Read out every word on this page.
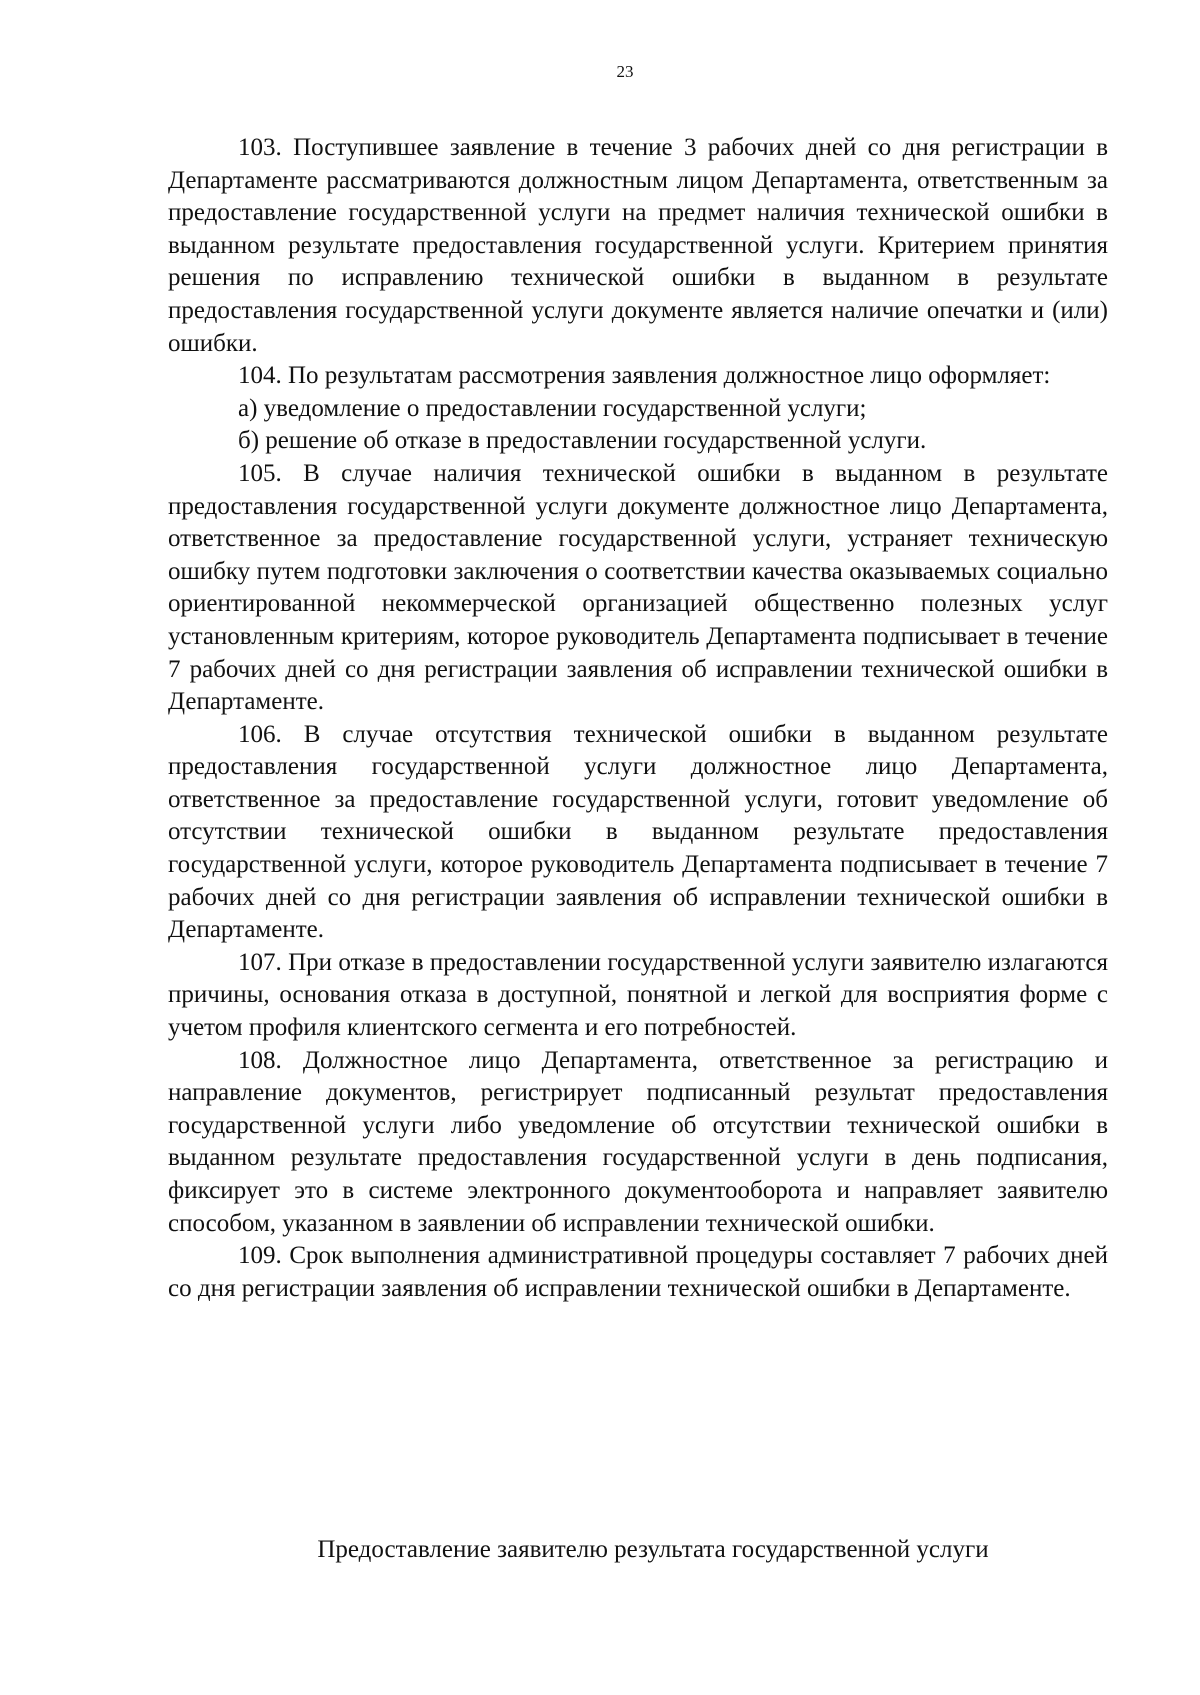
23

103. Поступившее заявление в течение 3 рабочих дней со дня регистрации в Департаменте рассматриваются должностным лицом Департамента, ответственным за предоставление государственной услуги на предмет наличия технической ошибки в выданном результате предоставления государственной услуги. Критерием принятия решения по исправлению технической ошибки в выданном в результате предоставления государственной услуги документе является наличие опечатки и (или) ошибки.

104. По результатам рассмотрения заявления должностное лицо оформляет:

а) уведомление о предоставлении государственной услуги;

б) решение об отказе в предоставлении государственной услуги.

105. В случае наличия технической ошибки в выданном в результате предоставления государственной услуги документе должностное лицо Департамента, ответственное за предоставление государственной услуги, устраняет техническую ошибку путем подготовки заключения о соответствии качества оказываемых социально ориентированной некоммерческой организацией общественно полезных услуг установленным критериям, которое руководитель Департамента подписывает в течение 7 рабочих дней со дня регистрации заявления об исправлении технической ошибки в Департаменте.

106. В случае отсутствия технической ошибки в выданном результате предоставления государственной услуги должностное лицо Департамента, ответственное за предоставление государственной услуги, готовит уведомление об отсутствии технической ошибки в выданном результате предоставления государственной услуги, которое руководитель Департамента подписывает в течение 7 рабочих дней со дня регистрации заявления об исправлении технической ошибки в Департаменте.

107. При отказе в предоставлении государственной услуги заявителю излагаются причины, основания отказа в доступной, понятной и легкой для восприятия форме с учетом профиля клиентского сегмента и его потребностей.

108. Должностное лицо Департамента, ответственное за регистрацию и направление документов, регистрирует подписанный результат предоставления государственной услуги либо уведомление об отсутствии технической ошибки в выданном результате предоставления государственной услуги в день подписания, фиксирует это в системе электронного документооборота и направляет заявителю способом, указанном в заявлении об исправлении технической ошибки.

109. Срок выполнения административной процедуры составляет 7 рабочих дней со дня регистрации заявления об исправлении технической ошибки в Департаменте.

Предоставление заявителю результата государственной услуги
